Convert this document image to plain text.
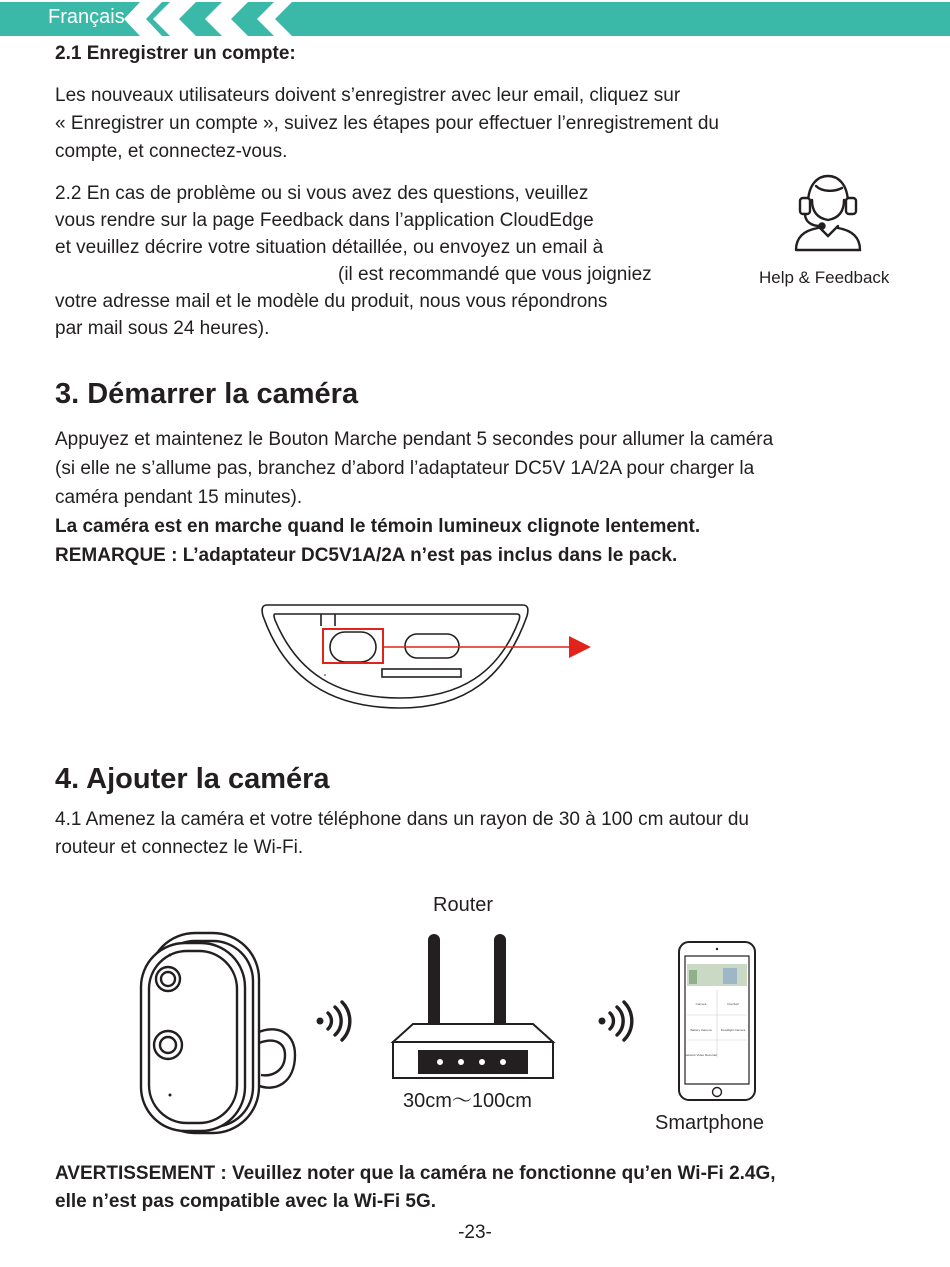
Français
2.1 Enregistrer un compte:
Les nouveaux utilisateurs doivent s’enregistrer avec leur email, cliquez sur
« Enregistrer un compte », suivez les étapes pour effectuer l’enregistrement du
compte, et connectez-vous.
2.2 En cas de problème ou si vous avez des questions, veuillez
vous rendre sur la page Feedback dans l’application CloudEdge
et veuillez décrire votre situation détaillée, ou envoyez un email à
(il est recommandé que vous joigniez
votre adresse mail et le modèle du produit, nous vous répondrons
par mail sous 24 heures).
Help & Feedback
3. Démarrer la caméra
Appuyez et maintenez le Bouton Marche pendant 5 secondes pour allumer la caméra
(si elle ne s’allume pas, branchez d’abord l’adaptateur DC5V 1A/2A pour charger la
caméra pendant 15 minutes).
La caméra est en marche quand le témoin lumineux clignote lentement.
REMARQUE : L’adaptateur DC5V1A/2A n’est pas inclus dans le pack.
4. Ajouter la caméra
4.1 Amenez la caméra et votre téléphone dans un rayon de 30 à 100 cm autour du
routeur et connectez le Wi-Fi.
Router
30cm～100cm
Camera	Doorbell
Battery Camera	Floodlight Camera
Network Video Recorder
Smartphone
AVERTISSEMENT : Veuillez noter que la caméra ne fonctionne qu’en Wi-Fi 2.4G,
elle n’est pas compatible avec la Wi-Fi 5G.
-23-
